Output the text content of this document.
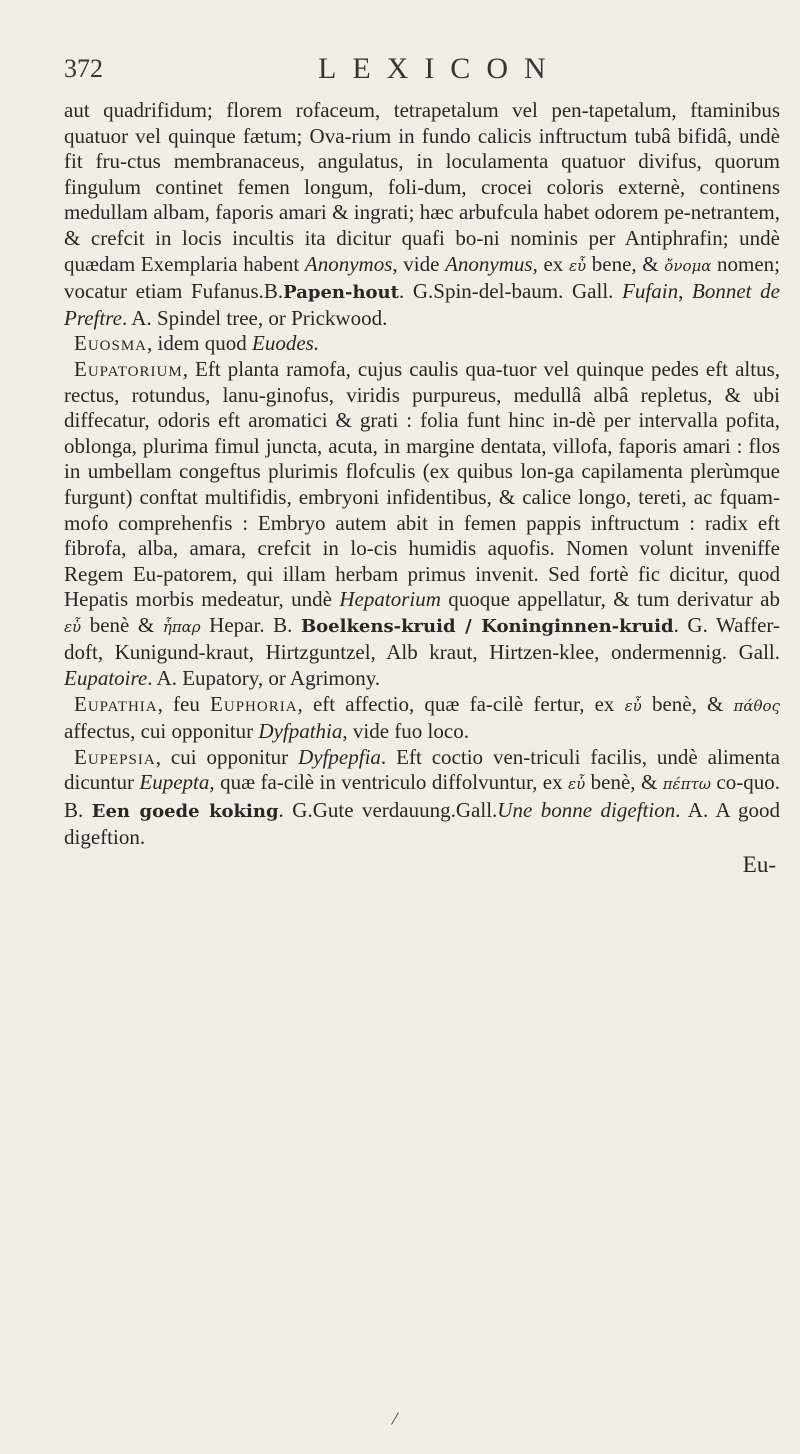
372	LEXICON

aut quadrifidum; florem rofaceum, tetrapetalum vel pen-tapetalum, ftaminibus quatuor vel quinque fætum; Ova-rium in fundo calicis inftructum tubâ bifidâ, undè fit fru-ctus membranaceus, angulatus, in loculamenta quatuor divifus, quorum fingulum continet femen longum, foli-dum, crocei coloris externè, continens medullam albam, faporis amari & ingrati; hæc arbufcula habet odorem pe-netrantem, & crefcit in locis incultis ita dicitur quafi bo-ni nominis per Antiphrafin; undè quædam Exemplaria habent Anonymos, vide Anonymus, ex εὖ bene, & ὄνομα nomen; vocatur etiam Fufanus.B.Papen-hout. G.Spin-del-baum. Gall. Fufain, Bonnet de Preftre. A. Spindel tree, or Prickwood.

Euosma, idem quod Euodes.

Eupatorium, Eft planta ramofa, cujus caulis qua-tuor vel quinque pedes eft altus, rectus, rotundus, lanu-ginofus, viridis purpureus, medullâ albâ repletus, & ubi diffecatur, odoris eft aromatici & grati : folia funt hinc in-dè per intervalla pofita, oblonga, plurima fimul juncta, acuta, in margine dentata, villofa, faporis amari : flos in umbellam congeftus plurimis flofculis (ex quibus lon-ga capilamenta plerùmque furgunt) conftat multifidis, embryoni infidentibus, & calice longo, tereti, ac fquam-mofo comprehenfis : Embryo autem abit in femen pappis inftructum : radix eft fibrofa, alba, amara, crefcit in lo-cis humidis aquofis. Nomen volunt inveniffe Regem Eu-patorem, qui illam herbam primus invenit. Sed fortè fic dicitur, quod Hepatis morbis medeatur, undè Hepatorium quoque appellatur, & tum derivatur ab εὖ benè & ἧπαρ Hepar. B. Boelkens-kruid / Koninginnen-kruid. G. Waffer-doft, Kunigund-kraut, Hirtzguntzel, Alb kraut, Hirtzen-klee, ondermennig. Gall. Eupatoire. A. Eupatory, or Agrimony.

Eupathia, feu Euphoria, eft affectio, quæ fa-cilè fertur, ex εὖ benè, & πάθος affectus, cui opponitur Dyfpathia, vide fuo loco.

Eupepsia, cui opponitur Dyfpepfia. Eft coctio ven-triculi facilis, undè alimenta dicuntur Eupepta, quæ fa-cilè in ventriculo diffolvuntur, ex εὖ benè, & πέπτω co-quo. B. Een goede koking. G.Gute verdauung.Gall.Une bonne digeftion. A. A good digeftion.

Eu-
